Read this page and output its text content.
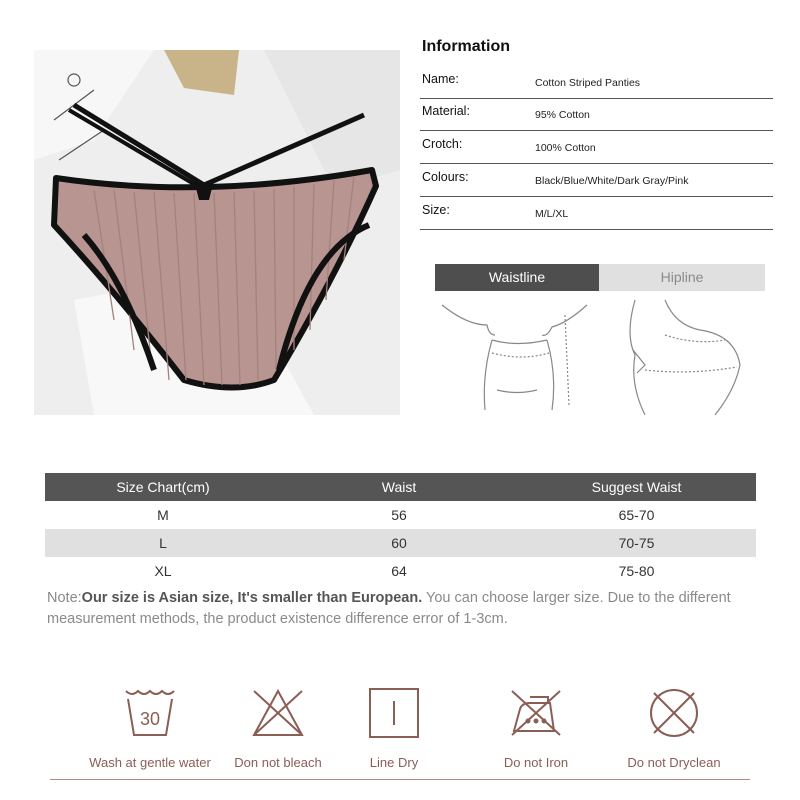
Information
Name:	Cotton Striped Panties
Material:	95% Cotton
Crotch:	100% Cotton
Colours:	Black/Blue/White/Dark Gray/Pink
Size:	M/L/XL
Waistline	Hipline
Size Chart(cm)	Waist	Suggest Waist
M	56	65-70
L	60	70-75
XL	64	75-80
Note:Our size is Asian size, It's smaller than European. You can choose larger size. Due to the different measurement methods, the product existence difference error of 1-3cm.
30
Wash at gentle water	Don not bleach	Line Dry	Do not Iron	Do not Dryclean
